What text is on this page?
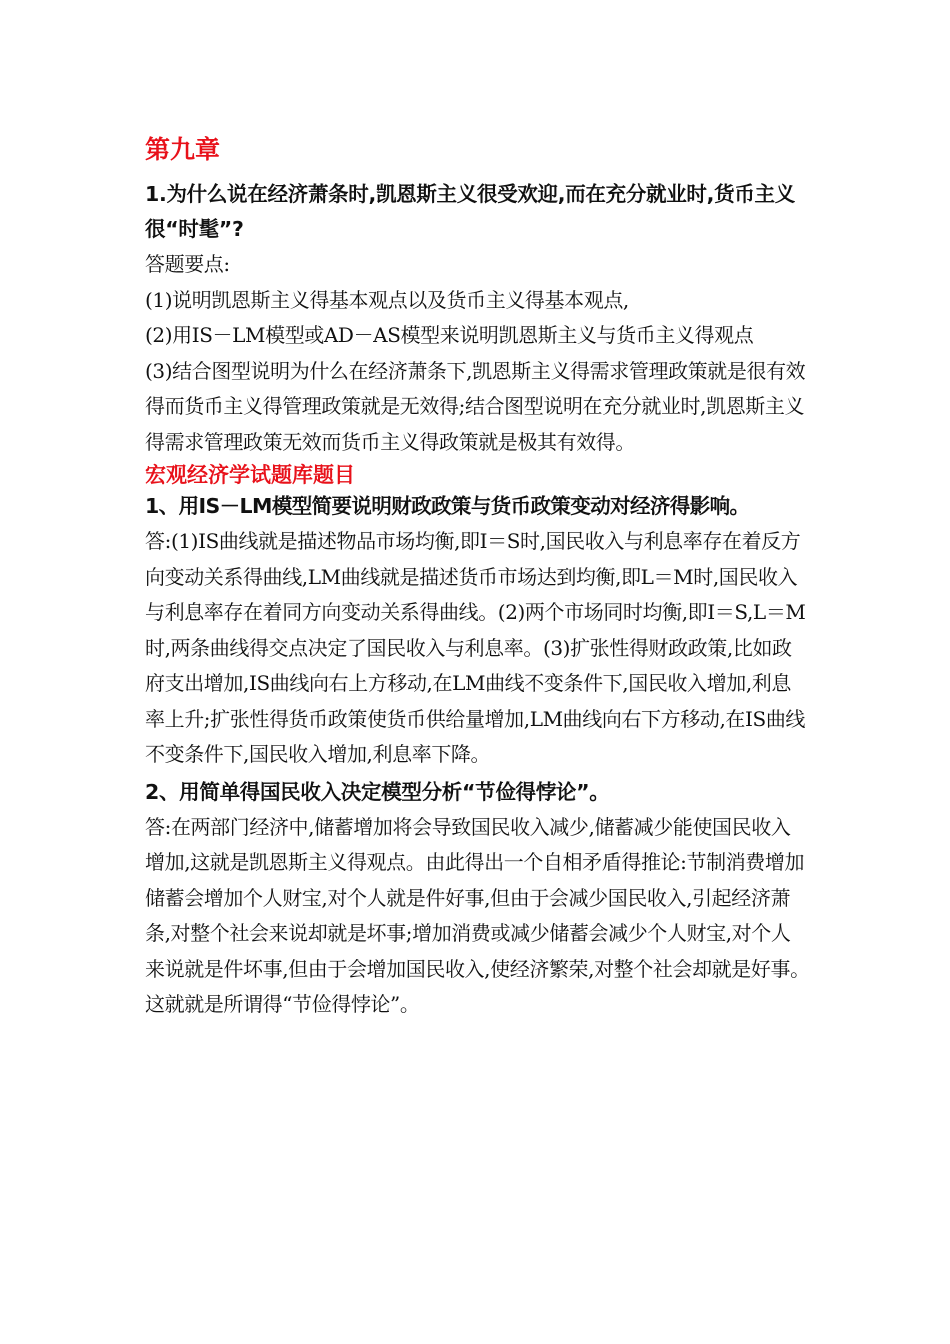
第九章

1.为什么说在经济萧条时,凯恩斯主义很受欢迎,而在充分就业时,货币主义很“时髦”?

答题要点:

(1)说明凯恩斯主义得基本观点以及货币主义得基本观点,

(2)用IS－LM模型或AD－AS模型来说明凯恩斯主义与货币主义得观点

(3)结合图型说明为什么在经济萧条下,凯恩斯主义得需求管理政策就是很有效得而货币主义得管理政策就是无效得;结合图型说明在充分就业时,凯恩斯主义得需求管理政策无效而货币主义得政策就是极其有效得。

宏观经济学试题库题目

1、用IS－LM模型简要说明财政政策与货币政策变动对经济得影响。

答:(1)IS曲线就是描述物品市场均衡,即I＝S时,国民收入与利息率存在着反方向变动关系得曲线,LM曲线就是描述货币市场达到均衡,即L＝M时,国民收入与利息率存在着同方向变动关系得曲线。(2)两个市场同时均衡,即I＝S,L＝M时,两条曲线得交点决定了国民收入与利息率。(3)扩张性得财政政策,比如政府支出增加,IS曲线向右上方移动,在LM曲线不变条件下,国民收入增加,利息率上升;扩张性得货币政策使货币供给量增加,LM曲线向右下方移动,在IS曲线不变条件下,国民收入增加,利息率下降。

2、用简单得国民收入决定模型分析“节俭得悖论”。

答:在两部门经济中,储蓄增加将会导致国民收入减少,储蓄减少能使国民收入增加,这就是凯恩斯主义得观点。由此得出一个自相矛盾得推论:节制消费增加储蓄会增加个人财宝,对个人就是件好事,但由于会减少国民收入,引起经济萧条,对整个社会来说却就是坏事;增加消费或减少储蓄会减少个人财宝,对个人来说就是件坏事,但由于会增加国民收入,使经济繁荣,对整个社会却就是好事。这就就是所谓得“节俭得悖论”。
